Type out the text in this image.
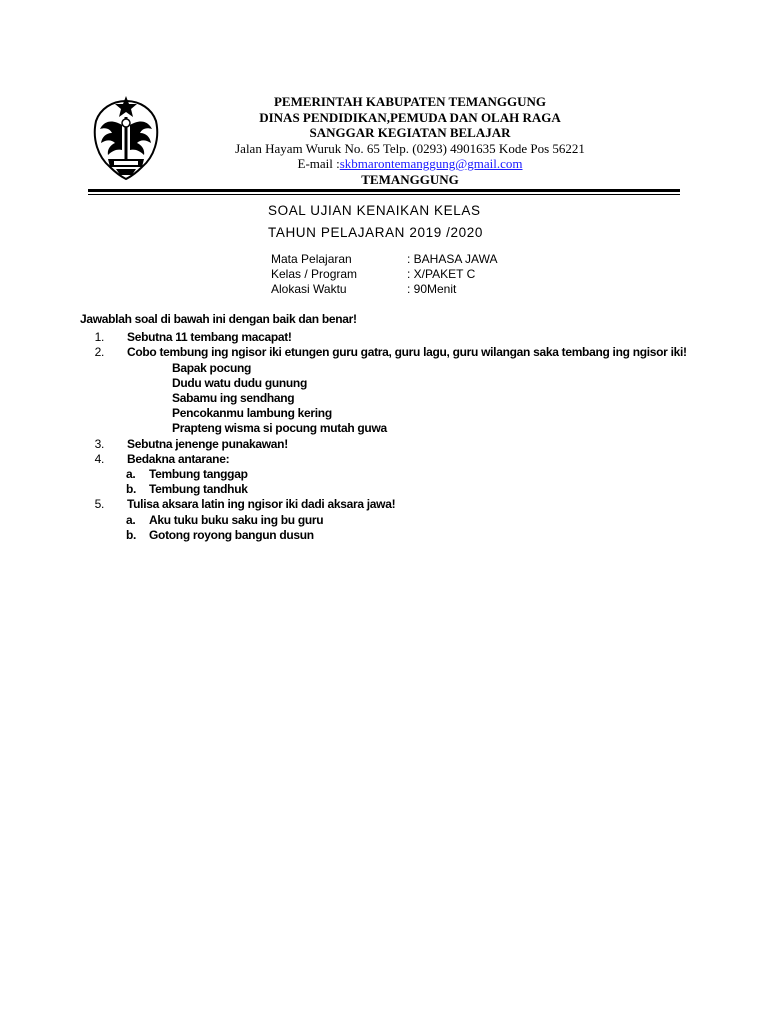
PEMERINTAH KABUPATEN TEMANGGUNG
DINAS PENDIDIKAN,PEMUDA DAN OLAH RAGA
SANGGAR KEGIATAN BELAJAR
Jalan Hayam Wuruk No. 65 Telp. (0293) 4901635 Kode Pos 56221
E-mail :skbmarontemanggung@gmail.com
TEMANGGUNG
SOAL UJIAN KENAIKAN KELAS
TAHUN PELAJARAN 2019 /2020
Mata Pelajaran	: BAHASA JAWA
Kelas / Program	: X/PAKET C
Alokasi Waktu	: 90Menit
Jawablah soal di bawah ini dengan baik dan benar!
1.	Sebutna 11 tembang macapat!
2.	Cobo tembung ing ngisor iki etungen guru gatra, guru lagu, guru wilangan saka tembang ing ngisor iki!
Bapak pocung
Dudu watu dudu gunung
Sabamu ing sendhang
Pencokanmu lambung kering
Prapteng wisma si pocung mutah guwa
3.	Sebutna jenenge punakawan!
4.	Bedakna antarane:
a.	Tembung tanggap
b.	Tembung tandhuk
5.	Tulisa aksara latin ing ngisor iki dadi aksara jawa!
a.	Aku tuku buku saku ing bu guru
b.	Gotong royong bangun dusun
